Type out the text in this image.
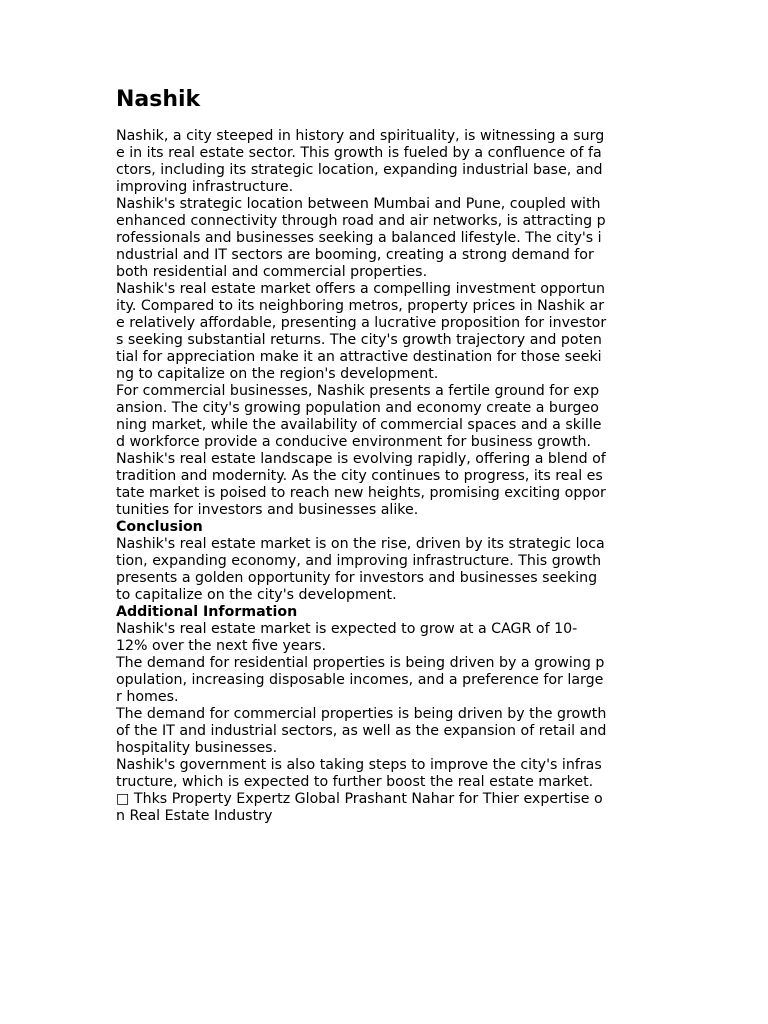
Nashik
Nashik, a city steeped in history and spirituality, is witnessing a surg
e in its real estate sector. This growth is fueled by a confluence of fa
ctors, including its strategic location, expanding industrial base, and
improving infrastructure.
Nashik's strategic location between Mumbai and Pune, coupled with
enhanced connectivity through road and air networks, is attracting p
rofessionals and businesses seeking a balanced lifestyle. The city's i
ndustrial and IT sectors are booming, creating a strong demand for
both residential and commercial properties.
Nashik's real estate market offers a compelling investment opportun
ity. Compared to its neighboring metros, property prices in Nashik ar
e relatively affordable, presenting a lucrative proposition for investor
s seeking substantial returns. The city's growth trajectory and poten
tial for appreciation make it an attractive destination for those seeki
ng to capitalize on the region's development.
For commercial businesses, Nashik presents a fertile ground for exp
ansion. The city's growing population and economy create a burgeo
ning market, while the availability of commercial spaces and a skille
d workforce provide a conducive environment for business growth.
Nashik's real estate landscape is evolving rapidly, offering a blend of
tradition and modernity. As the city continues to progress, its real es
tate market is poised to reach new heights, promising exciting oppor
tunities for investors and businesses alike.
Conclusion
Nashik's real estate market is on the rise, driven by its strategic loca
tion, expanding economy, and improving infrastructure. This growth
presents a golden opportunity for investors and businesses seeking
to capitalize on the city's development.
Additional Information
Nashik's real estate market is expected to grow at a CAGR of 10-
12% over the next five years.
The demand for residential properties is being driven by a growing p
opulation, increasing disposable incomes, and a preference for large
r homes.
The demand for commercial properties is being driven by the growth
of the IT and industrial sectors, as well as the expansion of retail and
hospitality businesses.
Nashik's government is also taking steps to improve the city's infras
tructure, which is expected to further boost the real estate market.
□ Thks Property Expertz Global Prashant Nahar for Thier expertise o
n Real Estate Industry
